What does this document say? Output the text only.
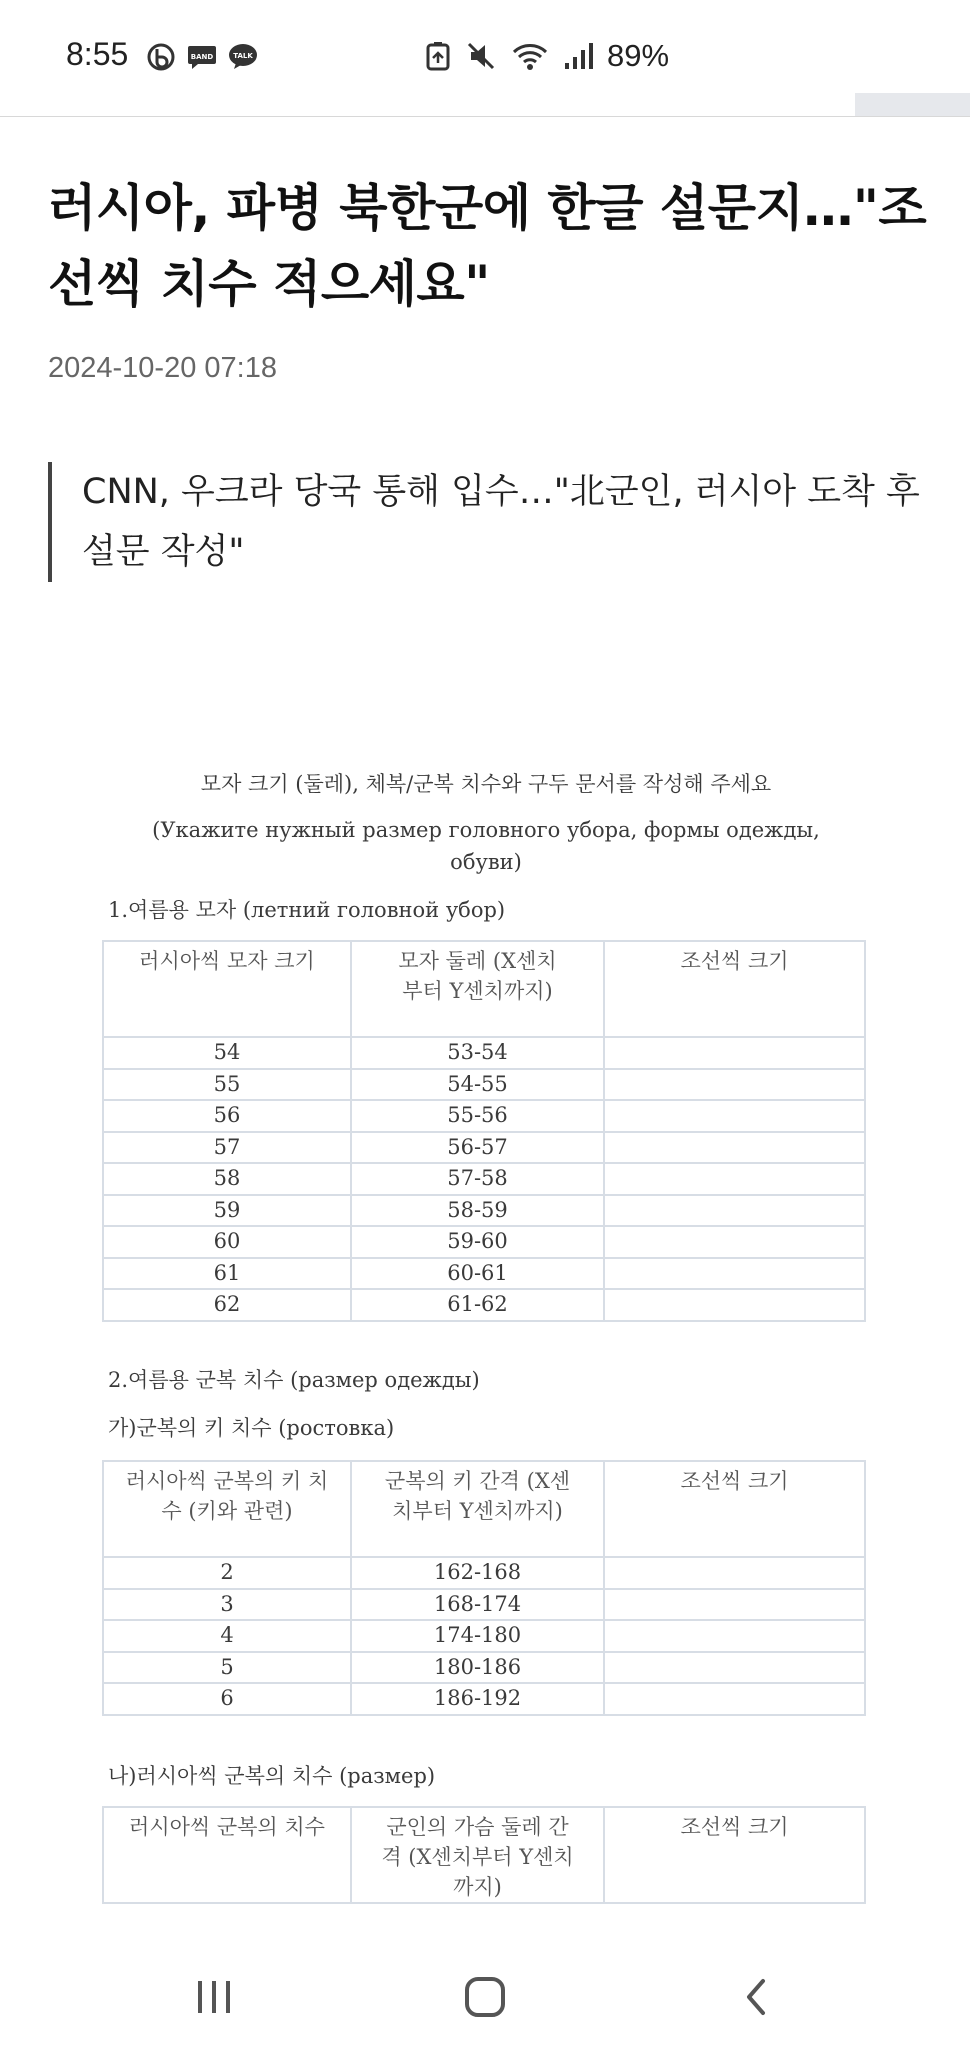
8:55	BAND	TALK	89%
러시아, 파병 북한군에 한글 설문지…"조선씩 치수 적으세요"
2024-10-20 07:18
CNN, 우크라 당국 통해 입수…"北군인, 러시아 도착 후 설문 작성"
모자 크기 (둘레), 체복/군복 치수와 구두 문서를 작성해 주세요
(Укажите нужный размер головного убора, формы одежды, обуви)
1.여름용 모자 (летний головной убор)
러시아씩 모자 크기	모자 둘레 (X센치부터 Y센치까지)	조선씩 크기
54	53-54	
55	54-55	
56	55-56	
57	56-57	
58	57-58	
59	58-59	
60	59-60	
61	60-61	
62	61-62	
2.여름용 군복 치수 (размер одежды)
가)군복의 키 치수 (ростовка)
러시아씩 군복의 키 치수 (키와 관련)	군복의 키 간격 (X센치부터 Y센치까지)	조선씩 크기
2	162-168	
3	168-174	
4	174-180	
5	180-186	
6	186-192	
나)러시아씩 군복의 치수 (размер)
러시아씩 군복의 치수	군인의 가슴 둘레 간격 (X센치부터 Y센치까지)	조선씩 크기
